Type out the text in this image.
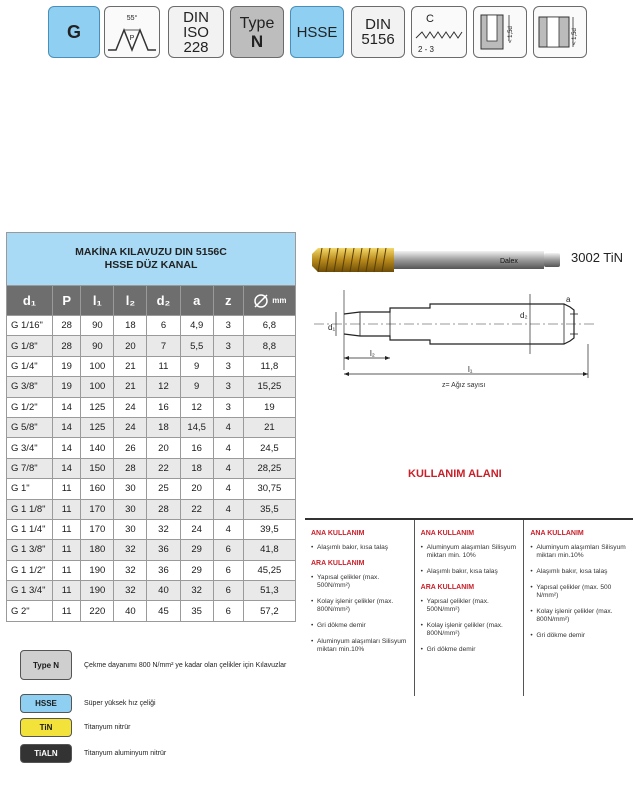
G
55°
P
DIN
ISO
228
Type
N HSSE DIN
5156
C
2 - 3
< 1,5d	< 1,5d
MAKİNA KILAVUZU DIN 5156C
HSSE DÜZ KANAL							

d₁	P	l₁	l₂	d₂	a	z	mm

G 1/16"	28	90	18	6	4,9	3	6,8
G 1/8"	28	90	20	7	5,5	3	8,8
G 1/4"	19	100	21	11	9	3	11,8
G 3/8"	19	100	21	12	9	3	15,25
G 1/2"	14	125	24	16	12	3	19
G 5/8"	14	125	24	18	14,5	4	21
G 3/4"	14	140	26	20	16	4	24,5
G 7/8"	14	150	28	22	18	4	28,25
G 1"	11	160	30	25	20	4	30,75
G 1 1/8"	11	170	30	28	22	4	35,5
G 1 1/4"	11	170	30	32	24	4	39,5
G 1 3/8"	11	180	32	36	29	6	41,8
G 1 1/2"	11	190	32	36	29	6	45,25
G 1 3/4"	11	190	32	40	32	6	51,3
G 2"	11	220	40	45	35	6	57,2
Dalex	3002 TiN
d₁
d₂
a
l₂
l₁
z= Ağız sayısı
KULLANIM ALANI
ANA KULLANIM
• Alaşımlı bakır, kısa talaş
ARA KULLANIM
• Yapısal çelikler (max. 500N/mm²)
• Kolay işlenir çelikler (max. 800N/mm²)
• Gri dökme demir
• Aluminyum alaşımları Silisyum miktarı min.10%
ANA KULLANIM
• Aluminyum alaşımları Silisyum miktarı min. 10%
• Alaşımlı bakır, kısa talaş
ARA KULLANIM
• Yapısal çelikler (max. 500N/mm²)
• Kolay işlenir çelikler (max. 800N/mm²)
• Gri dökme demir
ANA KULLANIM
• Aluminyum alaşımları Silisyum miktarı min.10%
• Alaşımlı bakır, kısa talaş
• Yapısal çelikler (max. 500 N/mm²)
• Kolay işlenir çelikler (max. 800N/mm²)
• Gri dökme demir
Type N	Çekme dayanımı 800 N/mm² ye kadar olan çelikler için Kılavuzlar
HSSE	Süper yüksek hız çeliği
TiN	Titanyum nitrür
TiALN	Titanyum aluminyum nitrür
